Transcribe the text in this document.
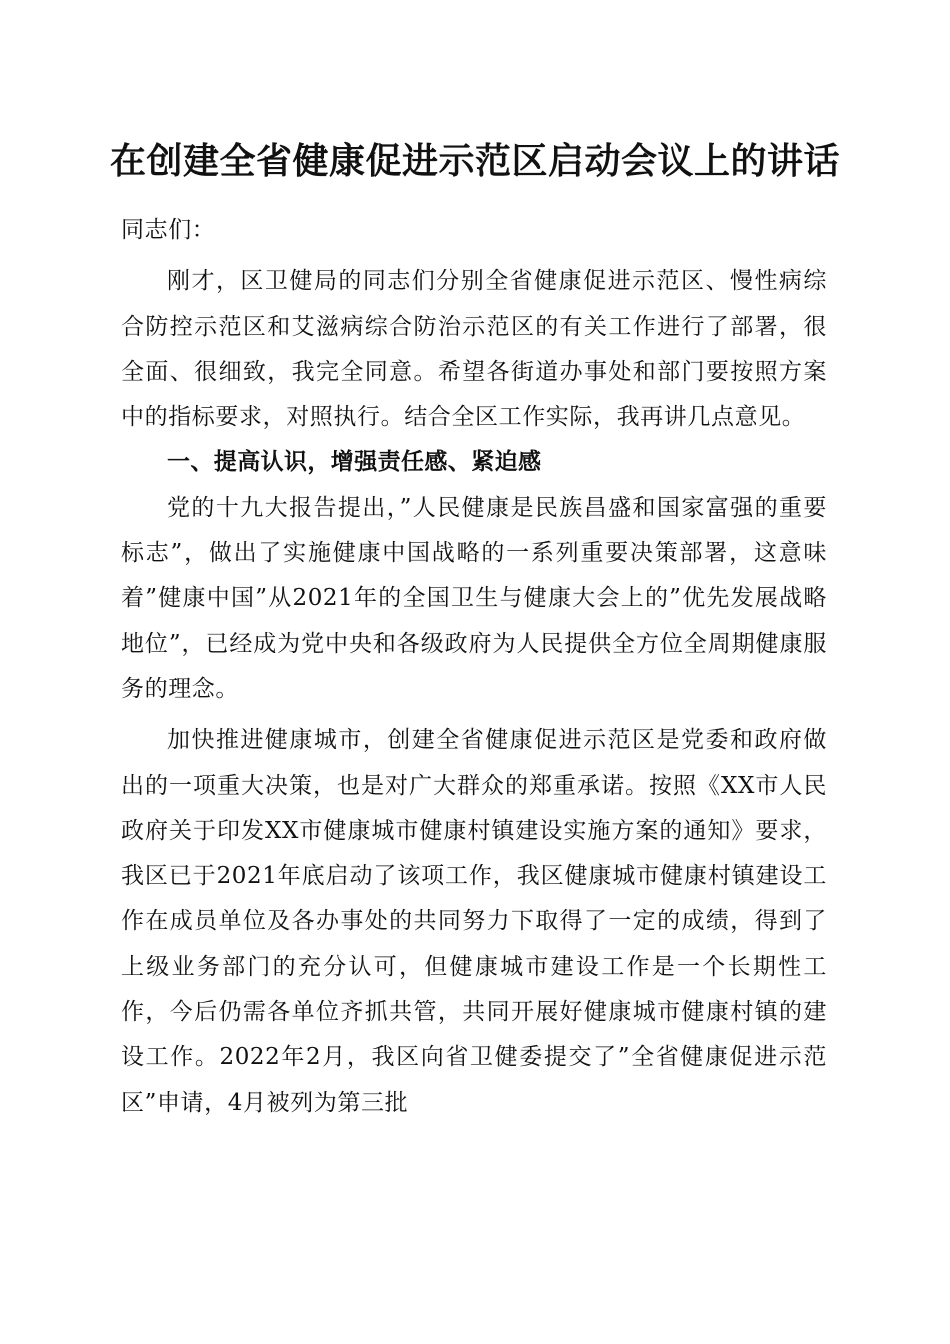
在创建全省健康促进示范区启动会议上的讲话

同志们：

刚才，区卫健局的同志们分别全省健康促进示范区、慢性病综合防控示范区和艾滋病综合防治示范区的有关工作进行了部署，很全面、很细致，我完全同意。希望各街道办事处和部门要按照方案中的指标要求，对照执行。结合全区工作实际，我再讲几点意见。

一、提高认识，增强责任感、紧迫感

党的十九大报告提出，”人民健康是民族昌盛和国家富强的重要标志”，做出了实施健康中国战略的一系列重要决策部署，这意味着”健康中国”从2021年的全国卫生与健康大会上的”优先发展战略地位”，已经成为党中央和各级政府为人民提供全方位全周期健康服务的理念。

加快推进健康城市，创建全省健康促进示范区是党委和政府做出的一项重大决策，也是对广大群众的郑重承诺。按照《XX市人民政府关于印发XX市健康城市健康村镇建设实施方案的通知》要求，我区已于2021年底启动了该项工作，我区健康城市健康村镇建设工作在成员单位及各办事处的共同努力下取得了一定的成绩，得到了上级业务部门的充分认可，但健康城市建设工作是一个长期性工作，今后仍需各单位齐抓共管，共同开展好健康城市健康村镇的建设工作。2022年2月，我区向省卫健委提交了”全省健康促进示范区”申请，4月被列为第三批
